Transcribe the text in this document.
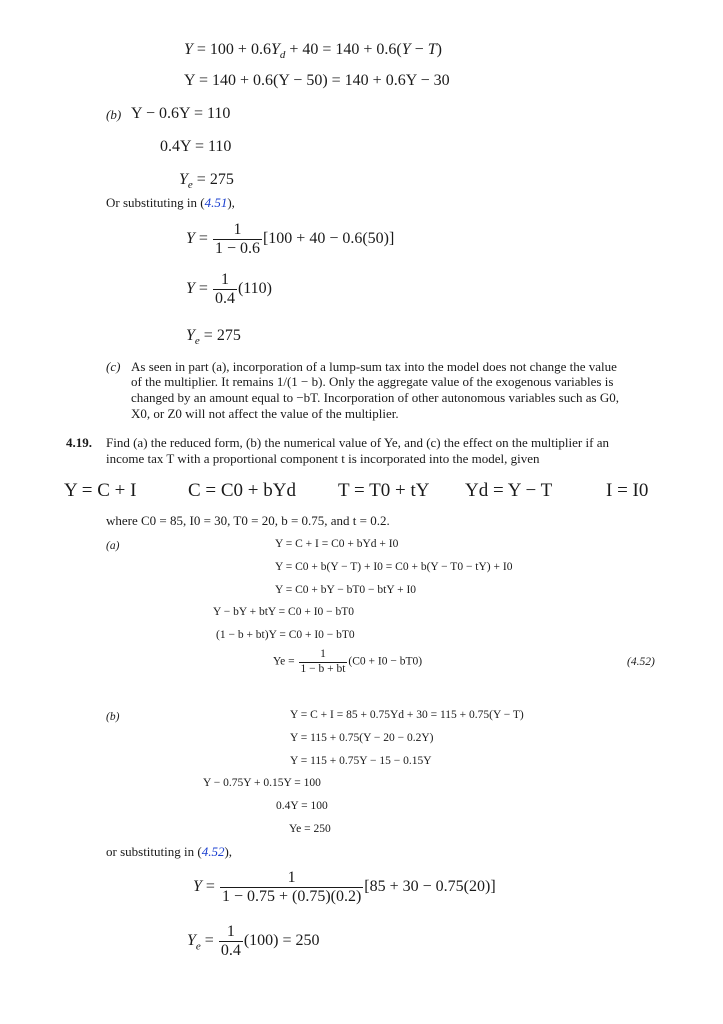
$Y = 100 + 0.6Y_d + 40 = 140 + 0.6(Y - T)$
Y = 140 + 0.6(Y − 50) = 140 + 0.6Y − 30
(b) Y − 0.6Y = 110
0.4Y = 110
$Y_e = 275$
Or substituting in (4.51),
$Y = \frac{1}{1 - 0.6} [100 + 40 - 0.6(50)]$
$Y = \frac{1}{0.4} (110)$
$Y_e = 275$
(c) As seen in part (a), incorporation of a lump-sum tax into the model does not change the value
of the multiplier. It remains 1/(1 − b). Only the aggregate value of the exogenous variables is
changed by an amount equal to −bT. Incorporation of other autonomous variables such as G0,
X0, or Z0 will not affect the value of the multiplier.
4.19. Find (a) the reduced form, (b) the numerical value of Ye, and (c) the effect on the multiplier if an
income tax T with a proportional component t is incorporated into the model, given
Y = C + I	C = C0 + bYd T = T0 + tY Yd = Y − T	I = I0
where C0 = 85, I0 = 30, T0 = 20, b = 0.75, and t = 0.2.
(a)	Y = C + I = C0 + bYd + I0
Y = C0 + b(Y − T) + I0 = C0 + b(Y − T0 − tY) + I0
Y = C0 + bY − bT0 − btY + I0
Y − bY + btY = C0 + I0 − bT0
(1 − b + bt)Y = C0 + I0 − bT0
$Ye = \frac{1}{1 - b + bt} (C0 + I0 - bT0)$	(4.52)
(b)	Y = C + I = 85 + 0.75Yd + 30 = 115 + 0.75(Y − T)
Y = 115 + 0.75(Y − 20 − 0.2Y)
Y = 115 + 0.75Y − 15 − 0.15Y
Y − 0.75Y + 0.15Y = 100
0.4Y = 100
Ye = 250
or substituting in (4.52),
$Y = \frac{1}{1 - 0.75 + (0.75)(0.2)} [85 + 30 - 0.75(20)]$
$Y_e = \frac{1}{0.4} (100) = 250$
